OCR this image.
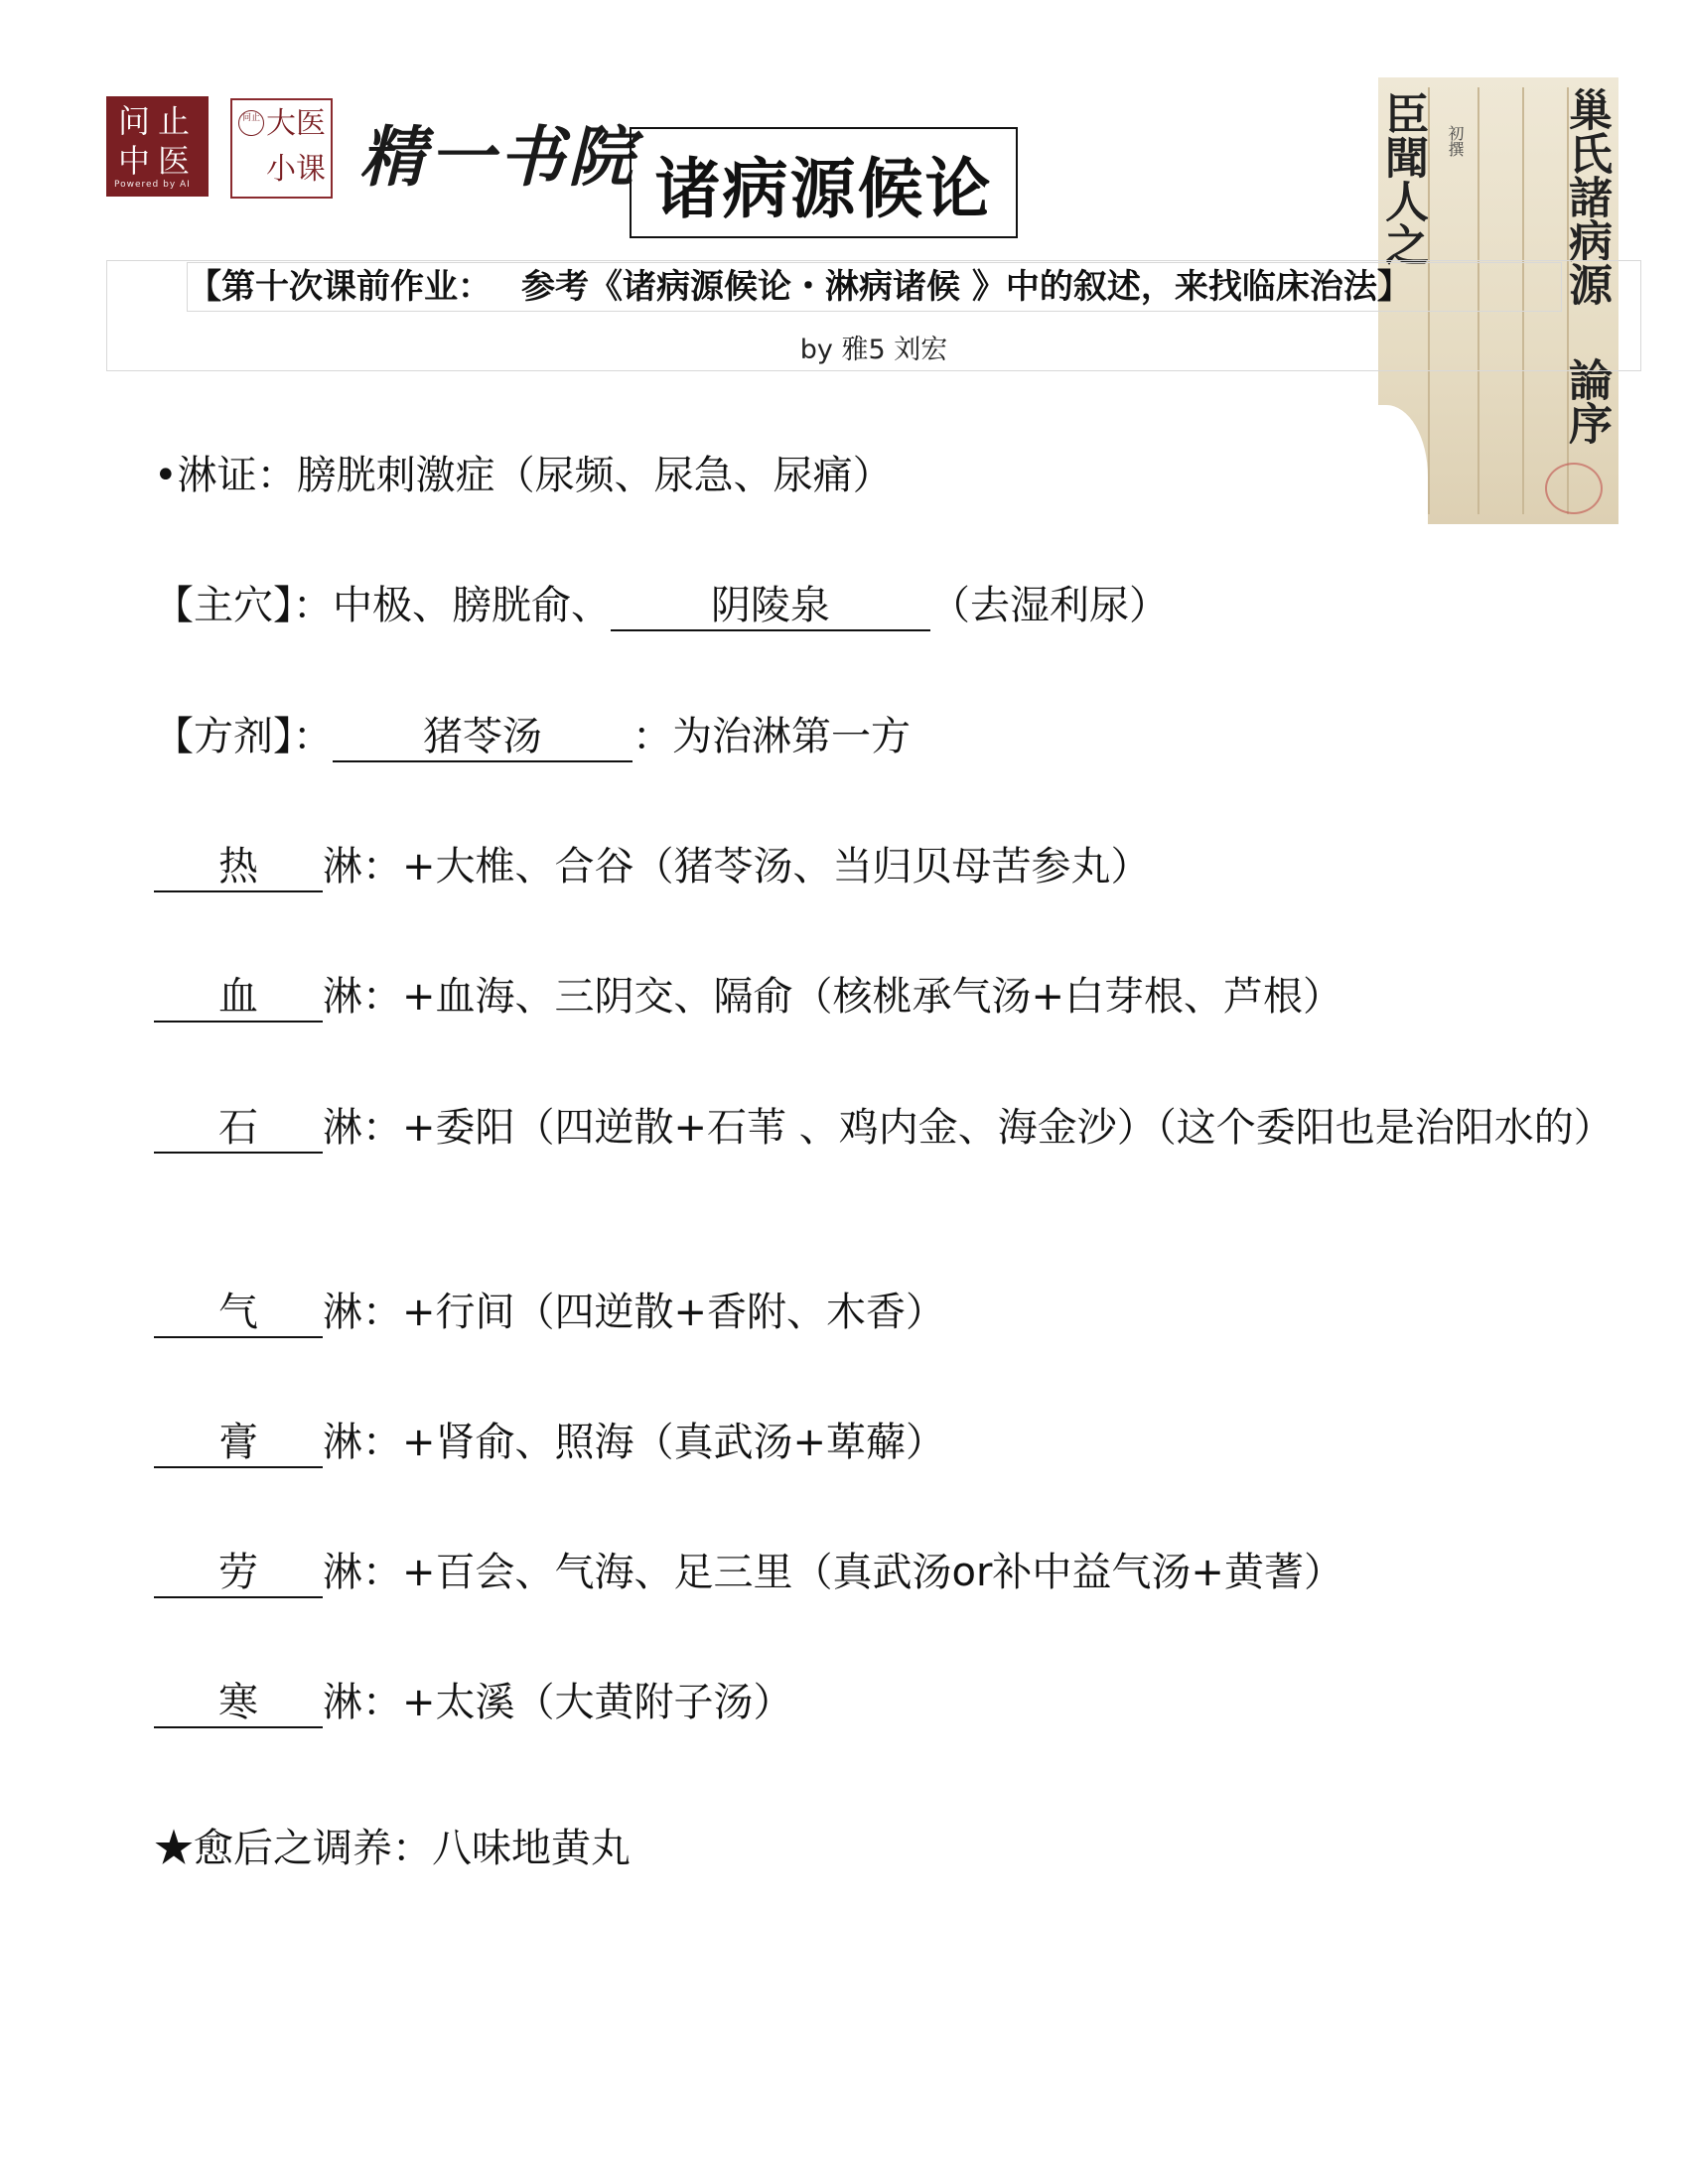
问止
中医
Powered by AI
问止 大医
小课 精一书院 诸病源候论	巢氏諸病源
臣聞人之
論序
初撰
【第十次课前作业： 参考《诸病源候论・淋病诸候 》中的叙述，来找临床治法】
by 雅5 刘宏
•淋证：膀胱刺激症（尿频、尿急、尿痛）
【主穴】：中极、膀胱俞、	阴陵泉	（去湿利尿）
【方剂】： 猪苓汤 ：为治淋第一方
热 淋：+大椎、合谷（猪苓汤、当归贝母苦参丸）
血 淋：+血海、三阴交、隔俞（核桃承气汤+白芽根、芦根）
石 淋：+委阳（四逆散+石苇 、鸡内金、海金沙）（这个委阳也是治阳水的）
气 淋：+行间（四逆散+香附、木香）
膏 淋：+肾俞、照海（真武汤+萆薢）
劳 淋：+百会、气海、足三里（真武汤or补中益气汤+黄蓍）
寒 淋：+太溪（大黄附子汤）
★愈后之调养：八味地黄丸
